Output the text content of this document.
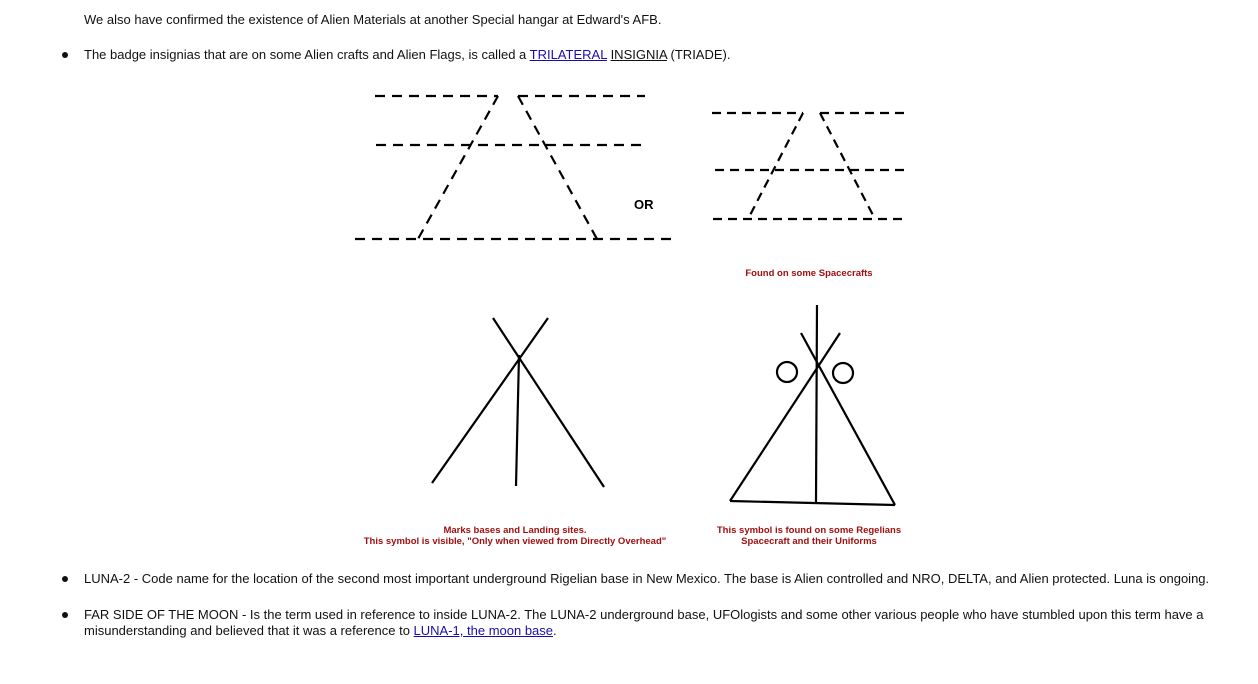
We also have confirmed the existence of Alien Materials at another Special hangar at Edward's AFB.
The badge insignias that are on some Alien crafts and Alien Flags, is called a TRILATERAL INSIGNIA (TRIADE).
OR
Found on some Spacecrafts
Marks bases and Landing sites.
This symbol is visible, "Only when viewed from Directly Overhead"
This symbol is found on some Regelians
Spacecraft and their Uniforms
LUNA-2 - Code name for the location of the second most important underground Rigelian base in New Mexico. The base is Alien controlled and NRO, DELTA, and Alien protected. Luna is ongoing.
FAR SIDE OF THE MOON - Is the term used in reference to inside LUNA-2. The LUNA-2 underground base, UFOlogists and some other various people who have stumbled upon this term have a
misunderstanding and believed that it was a reference to LUNA-1, the moon base.
